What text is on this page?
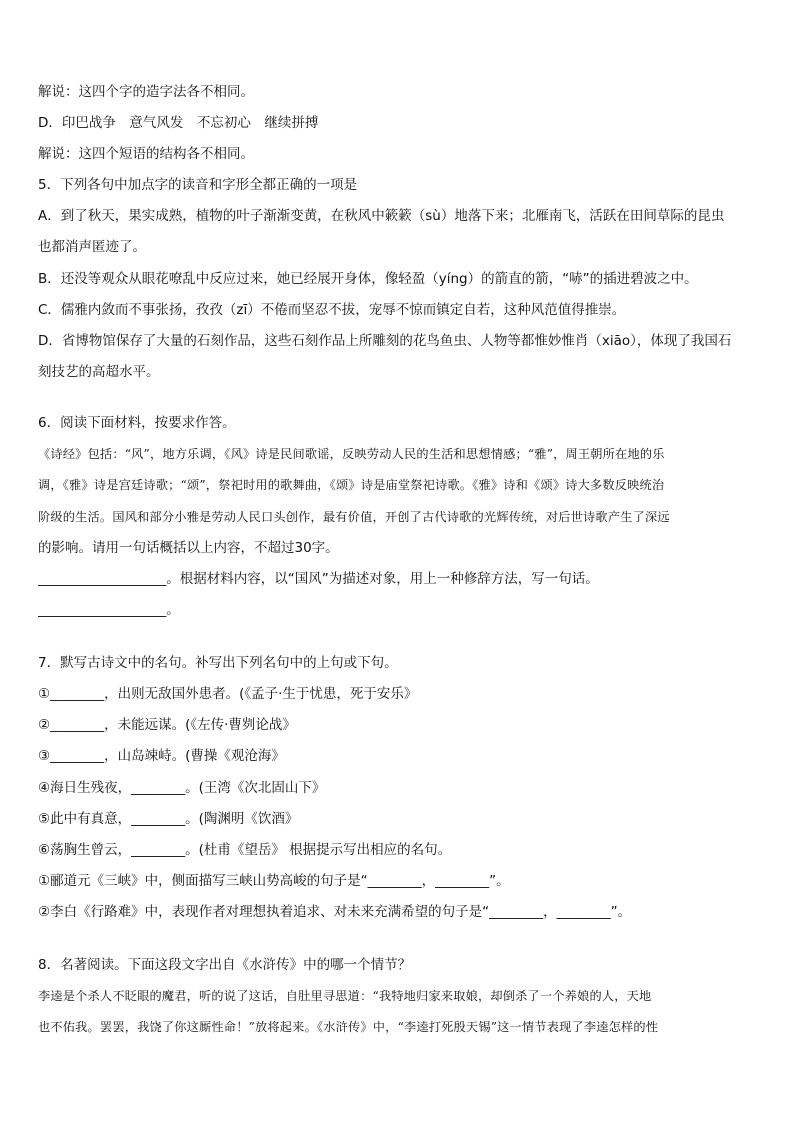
解说：这四个字的造字法各不相同。
D．印巴战争　意气风发　不忘初心　继续拼搏
解说：这四个短语的结构各不相同。
5．下列各句中加点字的读音和字形全都正确的一项是
A．到了秋天，果实成熟，植物的叶子渐渐变黄，在秋风中簌簌（sù）地落下来；北雁南飞，活跃在田间草际的昆虫
也都消声匿迹了。
B．还没等观众从眼花嘹乱中反应过来，她已经展开身体，像轻盈（yíng）的箭直的箭，“哧”的插进碧波之中。
C．儒雅内敛而不事张扬，孜孜（zī）不倦而坚忍不拔，宠辱不惊而镇定自若，这种风范值得推崇。
D．省博物馆保存了大量的石刻作品，这些石刻作品上所雕刻的花鸟鱼虫、人物等都惟妙惟肖（xiāo），体现了我国石
刻技艺的高超水平。
6．阅读下面材料，按要求作答。
《诗经》包括：“风”，地方乐调，《风》诗是民间歌谣，反映劳动人民的生活和思想情感；“雅”，周王朝所在地的乐
调，《雅》诗是宫廷诗歌；“颂”，祭祀时用的歌舞曲，《颂》诗是庙堂祭祀诗歌。《雅》诗和《颂》诗大多数反映统治
阶级的生活。国风和部分小雅是劳动人民口头创作，最有价值，开创了古代诗歌的光辉传统，对后世诗歌产生了深远
的影响。请用一句话概括以上内容，不超过30字。
___________________。根据材料内容，以“国风”为描述对象，用上一种修辞方法，写一句话。
___________________。
7．默写古诗文中的名句。补写出下列名句中的上句或下句。
①________，出则无敌国外患者。(《孟子·生于忧患，死于安乐》
②________，未能远谋。(《左传·曹刿论战》
③________，山岛竦峙。(曹操《观沧海》
④海日生残夜，________。(王湾《次北固山下》
⑤此中有真意，________。(陶渊明《饮酒》
⑥荡胸生曾云，________。(杜甫《望岳》 根据提示写出相应的名句。
①郦道元《三峡》中，侧面描写三峡山势高峻的句子是“________，________”。
②李白《行路难》中，表现作者对理想执着追求、对未来充满希望的句子是“________，________”。
8．名著阅读。下面这段文字出自《水浒传》中的哪一个情节？
李逵是个杀人不眨眼的魔君，听的说了这话，自肚里寻思道：“我特地归家来取娘，却倒杀了一个养娘的人，天地
也不佑我。罢罢，我饶了你这厮性命！”放将起来。《水浒传》中，“李逵打死殷天锡”这一情节表现了李逵怎样的性
